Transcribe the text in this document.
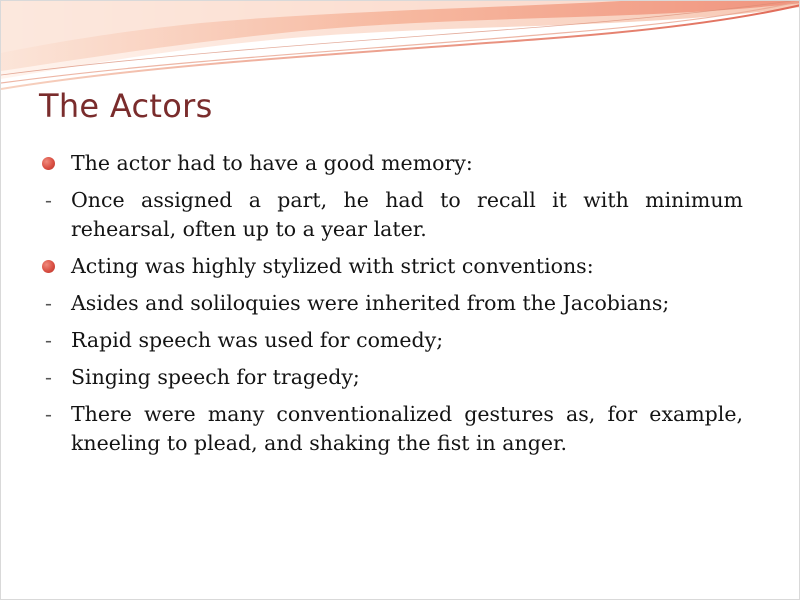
The Actors
The actor had to have a good memory:
- Once assigned a part, he had to recall it with minimum rehearsal, often up to a year later.
Acting was highly stylized with strict conventions:
- Asides and soliloquies were inherited from the Jacobians;
- Rapid speech was used for comedy;
- Singing speech for tragedy;
- There were many conventionalized gestures as, for example, kneeling to plead, and shaking the fist in anger.
